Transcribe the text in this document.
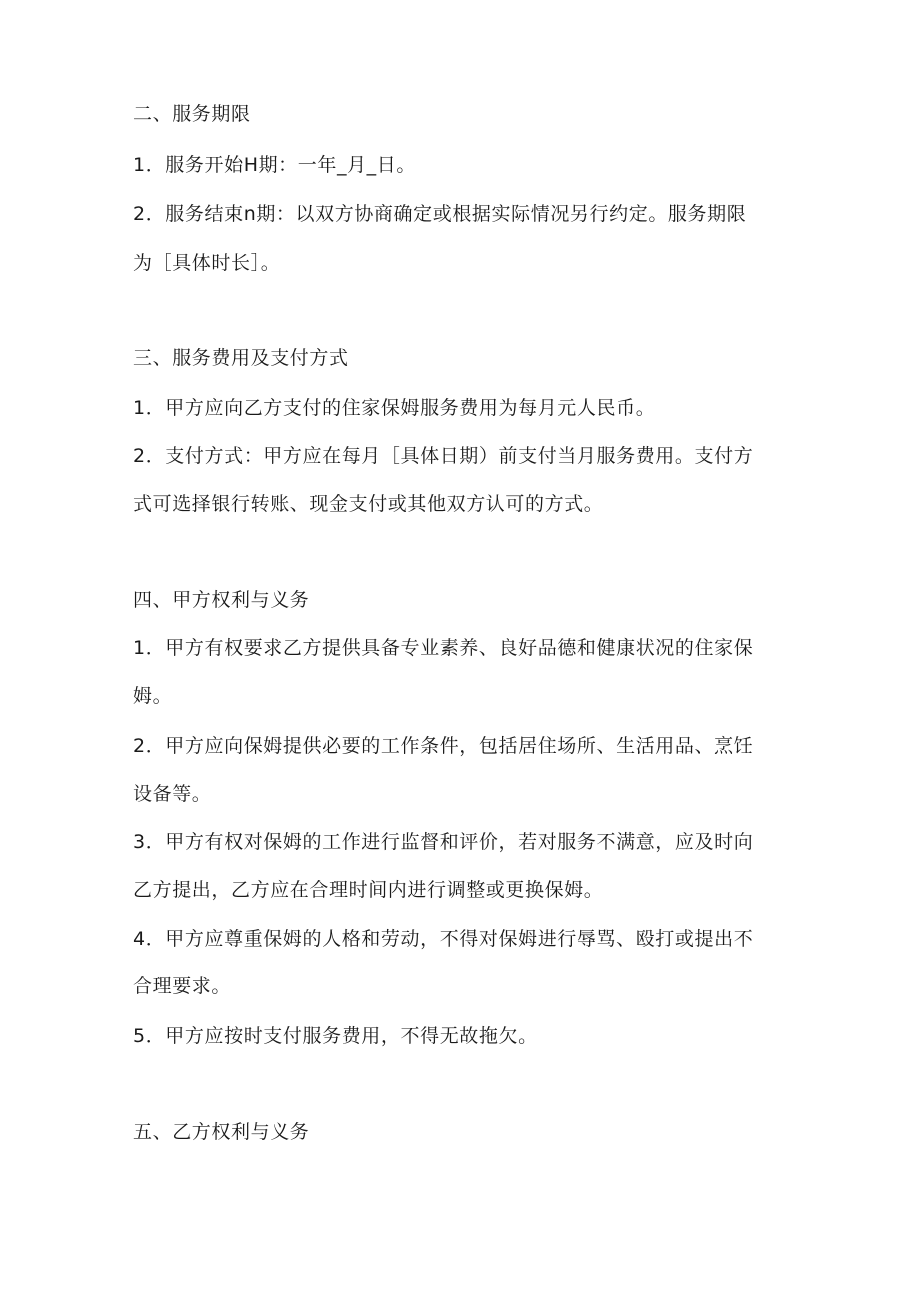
二、服务期限
1．服务开始H期：一年_月_日。
2．服务结束n期：以双方协商确定或根据实际情况另行约定。服务期限
为［具体时长］。
三、服务费用及支付方式
1．甲方应向乙方支付的住家保姆服务费用为每月元人民币。
2．支付方式：甲方应在每月［具体日期）前支付当月服务费用。支付方
式可选择银行转账、现金支付或其他双方认可的方式。
四、甲方权利与义务
1．甲方有权要求乙方提供具备专业素养、良好品德和健康状况的住家保
姆。
2．甲方应向保姆提供必要的工作条件，包括居住场所、生活用品、烹饪
设备等。
3．甲方有权对保姆的工作进行监督和评价，若对服务不满意，应及时向
乙方提出，乙方应在合理时间内进行调整或更换保姆。
4．甲方应尊重保姆的人格和劳动，不得对保姆进行辱骂、殴打或提出不
合理要求。
5．甲方应按时支付服务费用，不得无故拖欠。
五、乙方权利与义务
